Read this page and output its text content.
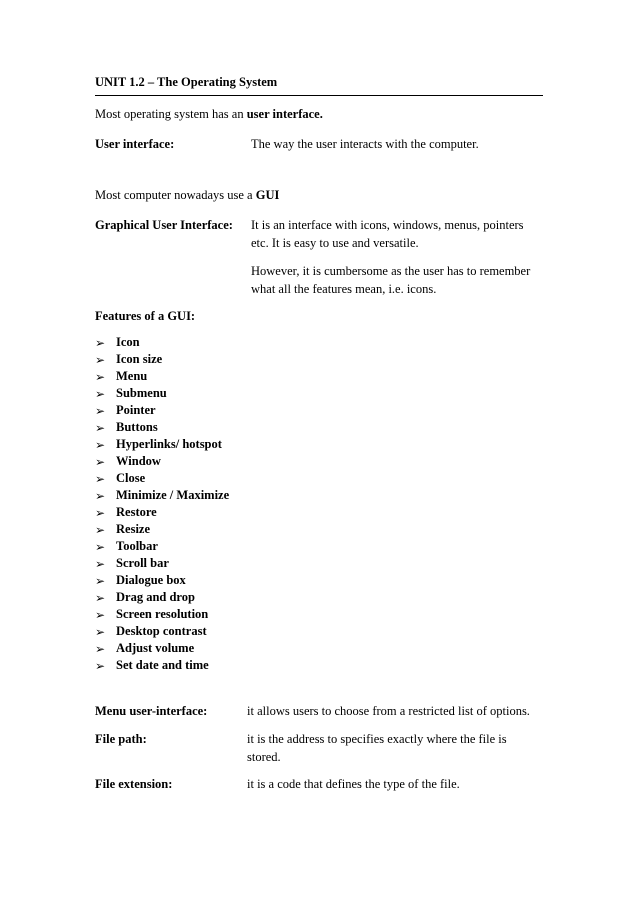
UNIT 1.2 – The Operating System
Most operating system has an user interface.
User interface:	The way the user interacts with the computer.
Most computer nowadays use a GUI
Graphical User Interface: It is an interface with icons, windows, menus, pointers
etc. It is easy to use and versatile.
However, it is cumbersome as the user has to remember
what all the features mean, i.e. icons.
Features of a GUI:
➢ Icon
➢ Icon size
➢ Menu
➢ Submenu
➢ Pointer
➢ Buttons
➢ Hyperlinks/ hotspot
➢ Window
➢ Close
➢ Minimize / Maximize
➢ Restore
➢ Resize
➢ Toolbar
➢ Scroll bar
➢ Dialogue box
➢ Drag and drop
➢ Screen resolution
➢ Desktop contrast
➢ Adjust volume
➢ Set date and time
Menu user-interface:	it allows users to choose from a restricted list of options.
File path:	it is the address to specifies exactly where the file is
stored.
File extension:	it is a code that defines the type of the file.
